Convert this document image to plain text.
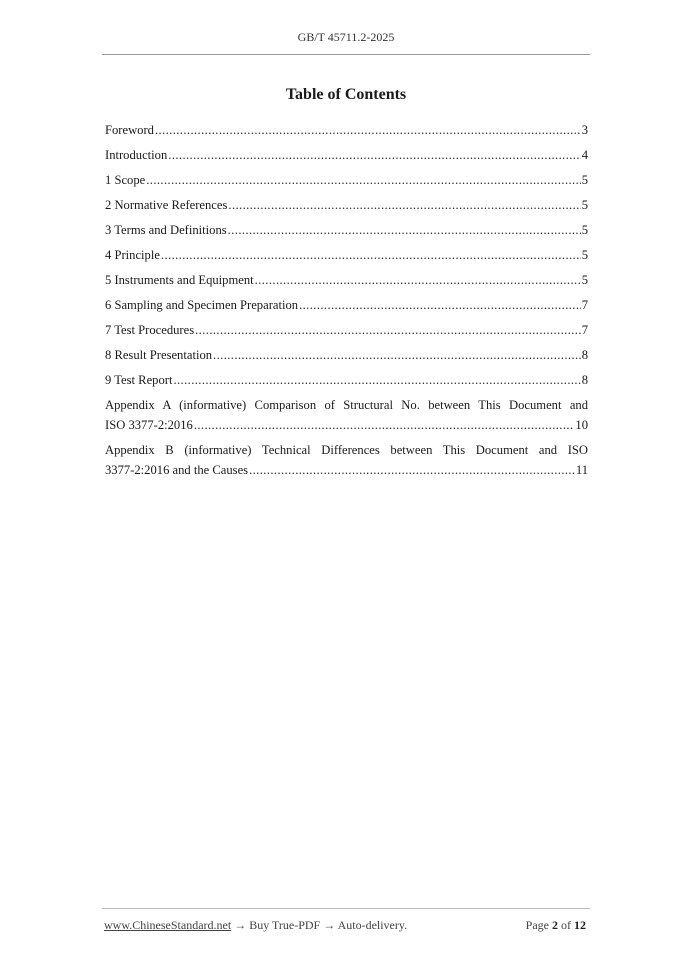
GB/T 45711.2-2025
Table of Contents
Foreword .....	3
Introduction .....	4
1 Scope .....	5
2 Normative References .....	5
3 Terms and Definitions .....	5
4 Principle .....	5
5 Instruments and Equipment .....	5
6 Sampling and Specimen Preparation .....	7
7 Test Procedures .....	7
8 Result Presentation .....	8
9 Test Report .....	8
Appendix A (informative) Comparison of Structural No. between This Document and
ISO 3377-2:2016 .....	10
Appendix B (informative) Technical Differences between This Document and ISO
3377-2:2016 and the Causes .....	11
www.ChineseStandard.net → Buy True-PDF → Auto-delivery.	Page 2 of 12
